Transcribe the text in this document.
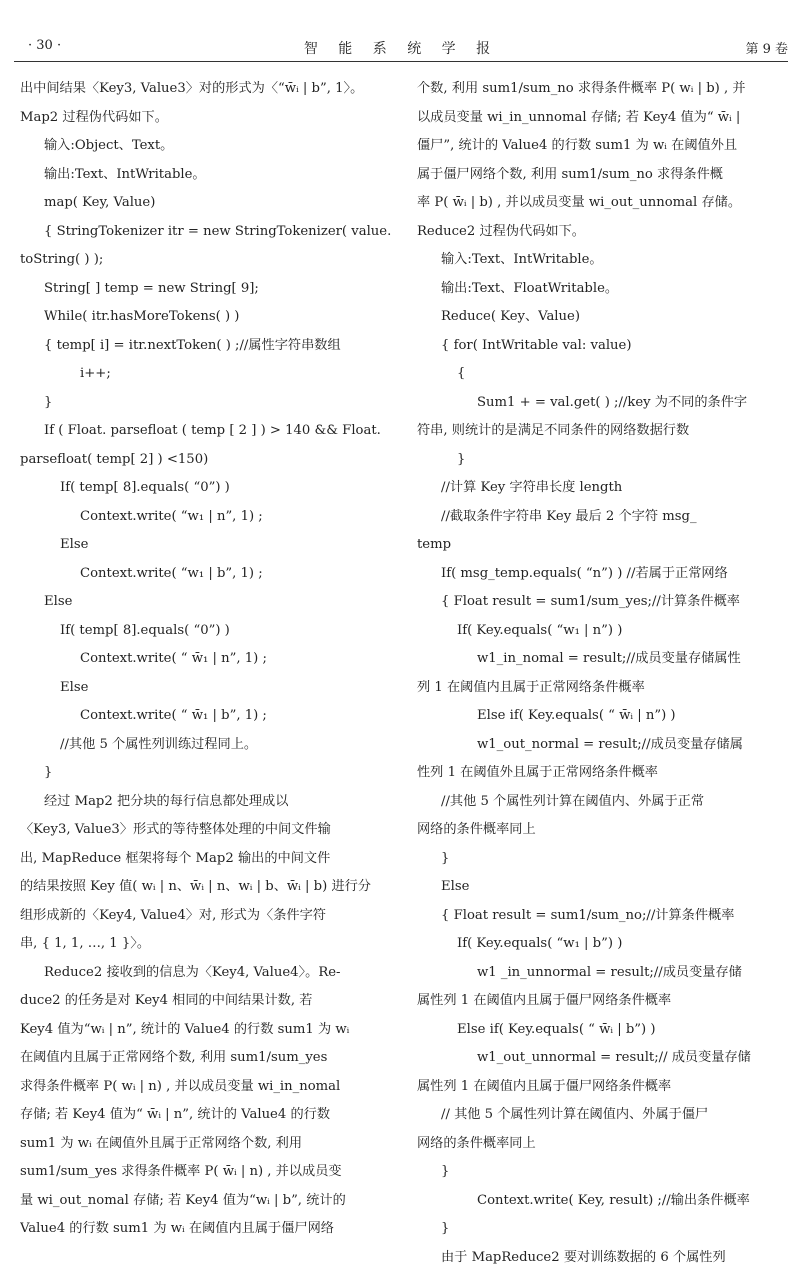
· 30 ·	智 能 系 统 学 报	第 9 卷
出中间结果〈Key3, Value3〉对的形式为〈“w̄ᵢ | b”, 1〉。
Map2 过程伪代码如下。
输入:Object、Text。
输出:Text、IntWritable。
map( Key, Value)
{ StringTokenizer itr = new StringTokenizer( value.
toString( ) );
String[ ] temp = new String[ 9];
While( itr.hasMoreTokens( ) )
{ temp[ i] = itr.nextToken( ) ;//属性字符串数组
i++;
}
If ( Float. parsefloat ( temp [ 2 ] ) > 140 && Float.
parsefloat( temp[ 2] ) <150)
If( temp[ 8].equals( “0”) )
Context.write( “w₁ | n”, 1) ;
Else
Context.write( “w₁ | b”, 1) ;
Else
If( temp[ 8].equals( “0”) )
Context.write( “ w̄₁ | n”, 1) ;
Else
Context.write( “ w̄₁ | b”, 1) ;
//其他 5 个属性列训练过程同上。
}
经过 Map2 把分块的每行信息都处理成以
〈Key3, Value3〉形式的等待整体处理的中间文件输
出, MapReduce 框架将每个 Map2 输出的中间文件
的结果按照 Key 值( wᵢ | n、w̄ᵢ | n、wᵢ | b、w̄ᵢ | b) 进行分
组形成新的〈Key4, Value4〉对, 形式为〈条件字符
串, { 1, 1, …, 1 }〉。
Reduce2 接收到的信息为〈Key4, Value4〉。Re-
duce2 的任务是对 Key4 相同的中间结果计数, 若
Key4 值为“wᵢ | n”, 统计的 Value4 的行数 sum1 为 wᵢ
在阈值内且属于正常网络个数, 利用 sum1/sum_yes
求得条件概率 P( wᵢ | n) , 并以成员变量 wi_in_nomal
存储; 若 Key4 值为“ w̄ᵢ | n”, 统计的 Value4 的行数
sum1 为 wᵢ 在阈值外且属于正常网络个数, 利用
sum1/sum_yes 求得条件概率 P( w̄ᵢ | n) , 并以成员变
量 wi_out_nomal 存储; 若 Key4 值为“wᵢ | b”, 统计的
Value4 的行数 sum1 为 wᵢ 在阈值内且属于僵尸网络
个数, 利用 sum1/sum_no 求得条件概率 P( wᵢ | b) , 并
以成员变量 wi_in_unnomal 存储; 若 Key4 值为“ w̄ᵢ |
僵尸”, 统计的 Value4 的行数 sum1 为 wᵢ 在阈值外且
属于僵尸网络个数, 利用 sum1/sum_no 求得条件概
率 P( w̄ᵢ | b) , 并以成员变量 wi_out_unnomal 存储。
Reduce2 过程伪代码如下。
输入:Text、IntWritable。
输出:Text、FloatWritable。
Reduce( Key、Value)
{ for( IntWritable val: value)
{
Sum1 + = val.get( ) ;//key 为不同的条件字
符串, 则统计的是满足不同条件的网络数据行数
}
//计算 Key 字符串长度 length
//截取条件字符串 Key 最后 2 个字符 msg_
temp
If( msg_temp.equals( “n”) ) //若属于正常网络
{ Float result = sum1/sum_yes;//计算条件概率
If( Key.equals( “w₁ | n”) )
w1_in_nomal = result;//成员变量存储属性
列 1 在阈值内且属于正常网络条件概率
Else if( Key.equals( “ w̄ᵢ | n”) )
w1_out_normal = result;//成员变量存储属
性列 1 在阈值外且属于正常网络条件概率
//其他 5 个属性列计算在阈值内、外属于正常
网络的条件概率同上
}
Else
{ Float result = sum1/sum_no;//计算条件概率
If( Key.equals( “w₁ | b”) )
w1 _in_unnormal = result;//成员变量存储
属性列 1 在阈值内且属于僵尸网络条件概率
Else if( Key.equals( “ w̄ᵢ | b”) )
w1_out_unnormal = result;// 成员变量存储
属性列 1 在阈值内且属于僵尸网络条件概率
// 其他 5 个属性列计算在阈值内、外属于僵尸
网络的条件概率同上
}
Context.write( Key, result) ;//输出条件概率
}
由于 MapReduce2 要对训练数据的 6 个属性列
